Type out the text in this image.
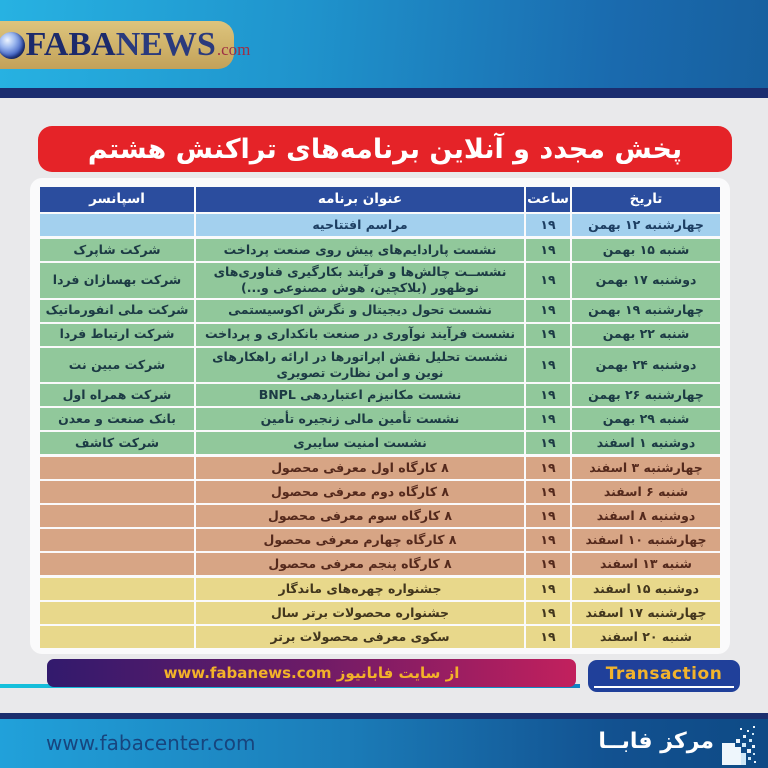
FABA NEWS .com
پخش مجدد و آنلاین برنامه‌های تراکنش هشتم
تاریخ
ساعت
عنوان برنامه
اسپانسر
چهارشنبه ۱۲ بهمن
۱۹
مراسم افتتاحیه
شنبه ۱۵ بهمن
۱۹
نشست پارادایم‌های پیش روی صنعت پرداخت
شرکت شاپرک
دوشنبه ۱۷ بهمن
۱۹
نشســت چالش‌ها و فرآیند بکارگیری فناوری‌های نوظهور (بلاکچین، هوش مصنوعی و...)
شرکت بهسازان فردا
چهارشنبه ۱۹ بهمن
۱۹
نشست تحول دیجیتال و نگرش اکوسیستمی
شرکت ملی انفورماتیک
شنبه ۲۲ بهمن
۱۹
نشست فرآیند نوآوری در صنعت بانکداری و پرداخت
شرکت ارتباط فردا
دوشنبه ۲۴ بهمن
۱۹
نشست تحلیل نقش اپراتورها در ارائه راهکارهای نوین و امن نظارت تصویری
شرکت مبین نت
چهارشنبه ۲۶ بهمن
۱۹
نشست مکانیزم اعتباردهی BNPL
شرکت همراه اول
شنبه ۲۹ بهمن
۱۹
نشست تأمین مالی زنجیره تأمین
بانک صنعت و معدن
دوشنبه ۱ اسفند
۱۹
نشست امنیت سایبری
شرکت کاشف
چهارشنبه ۳ اسفند
۱۹
۸ کارگاه اول معرفی محصول
شنبه ۶ اسفند
۱۹
۸ کارگاه دوم معرفی محصول
دوشنبه ۸ اسفند
۱۹
۸ کارگاه سوم معرفی محصول
چهارشنبه ۱۰ اسفند
۱۹
۸ کارگاه چهارم معرفی محصول
شنبه ۱۳ اسفند
۱۹
۸ کارگاه پنجم معرفی محصول
دوشنبه ۱۵ اسفند
۱۹
جشنواره چهره‌های ماندگار
چهارشنبه ۱۷ اسفند
۱۹
جشنواره محصولات برتر سال
شنبه ۲۰ اسفند
۱۹
سکوی معرفی محصولات برتر
از سایت فابانیوز www.fabanews.com	Transaction
www.fabacenter.com	مرکز فابــا
